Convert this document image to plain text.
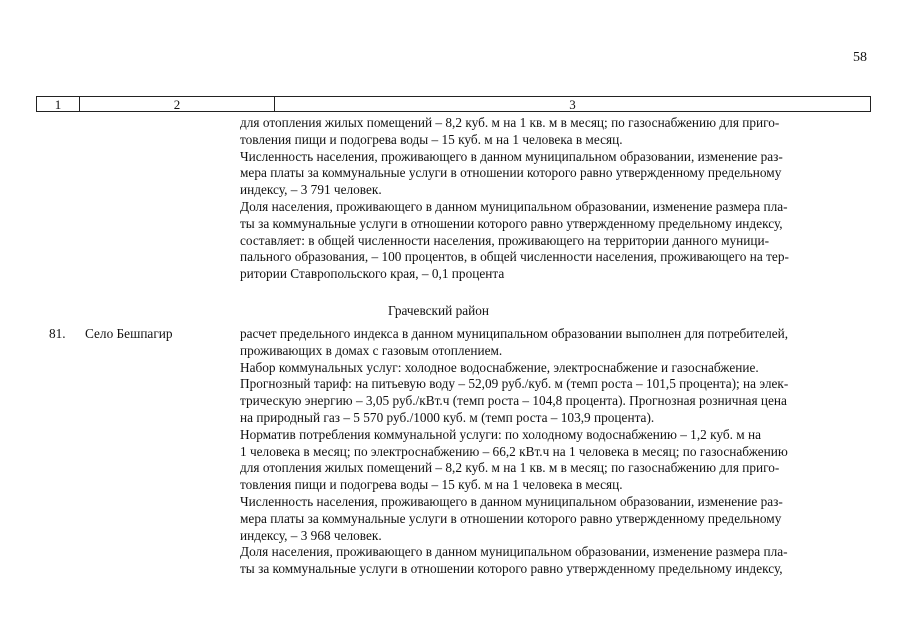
58
1	2	3

для отопления жилых помещений – 8,2 куб. м на 1 кв. м в месяц; по газоснабжению для приго-

товления пищи и подогрева воды – 15 куб. м на 1 человека в месяц.

Численность населения, проживающего в данном муниципальном образовании, изменение раз-

мера платы за коммунальные услуги в отношении которого равно утвержденному предельному

индексу, – 3 791 человек.

Доля населения, проживающего в данном муниципальном образовании, изменение размера пла-

ты за коммунальные услуги в отношении которого равно утвержденному предельному индексу,

составляет: в общей численности населения, проживающего на территории данного муници-

пального образования, – 100 процентов, в общей численности населения, проживающего на тер-

ритории Ставропольского края, – 0,1 процента

Грачевский район
81. Село Бешпагир	расчет предельного индекса в данном муниципальном образовании выполнен для потребителей,

проживающих в домах с газовым отоплением.

Набор коммунальных услуг: холодное водоснабжение, электроснабжение и газоснабжение.

Прогнозный тариф: на питьевую воду – 52,09 руб./куб. м (темп роста – 101,5 процента); на элек-

трическую энергию – 3,05 руб./кВт.ч (темп роста – 104,8 процента). Прогнозная розничная цена

на природный газ – 5 570 руб./1000 куб. м (темп роста – 103,9 процента).

Норматив потребления коммунальной услуги: по холодному водоснабжению – 1,2 куб. м на

1 человека в месяц; по электроснабжению – 66,2 кВт.ч на 1 человека в месяц; по газоснабжению

для отопления жилых помещений – 8,2 куб. м на 1 кв. м в месяц; по газоснабжению для приго-

товления пищи и подогрева воды – 15 куб. м на 1 человека в месяц.

Численность населения, проживающего в данном муниципальном образовании, изменение раз-

мера платы за коммунальные услуги в отношении которого равно утвержденному предельному

индексу, – 3 968 человек.

Доля населения, проживающего в данном муниципальном образовании, изменение размера пла-

ты за коммунальные услуги в отношении которого равно утвержденному предельному индексу,
